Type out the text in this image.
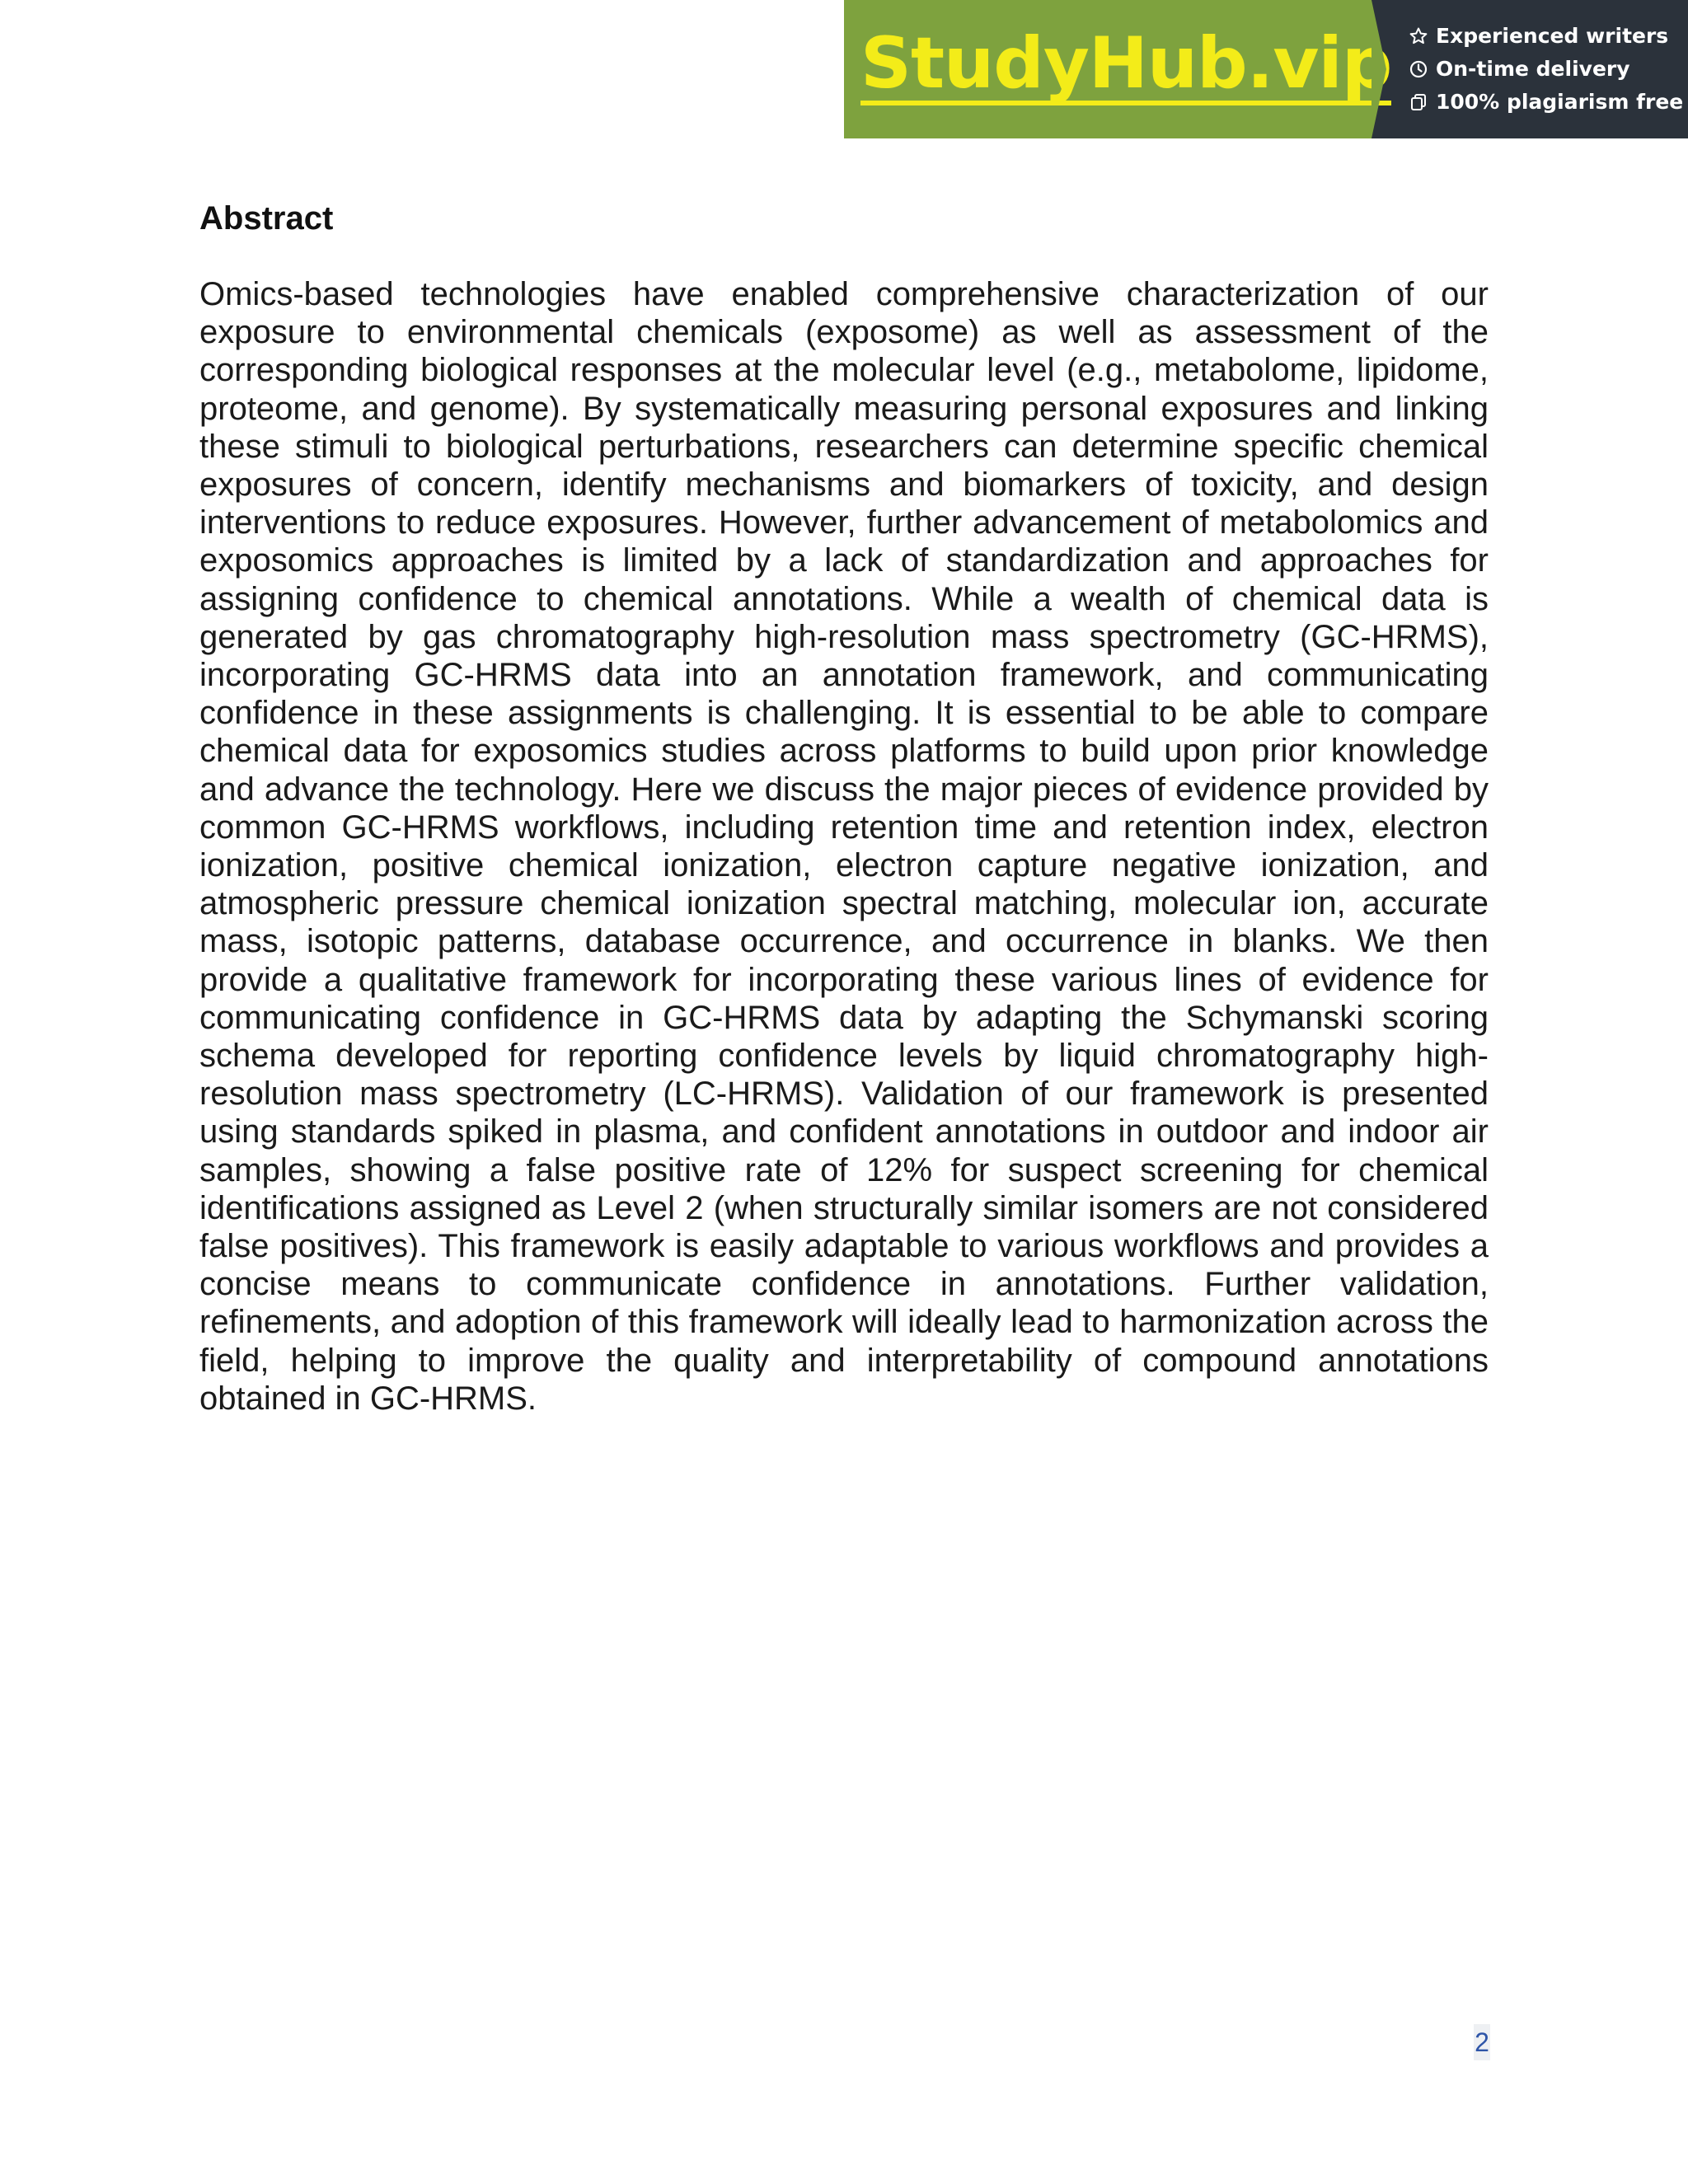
StudyHub.vip Experienced writers
On-time delivery
100% plagiarism free
Abstract

Omics-based technologies have enabled comprehensive characterization of our exposure to environmental chemicals (exposome) as well as assessment of the corresponding biological responses at the molecular level (e.g., metabolome, lipidome, proteome, and genome). By systematically measuring personal exposures and linking these stimuli to biological perturbations, researchers can determine specific chemical exposures of concern, identify mechanisms and biomarkers of toxicity, and design interventions to reduce exposures. However, further advancement of metabolomics and exposomics approaches is limited by a lack of standardization and approaches for assigning confidence to chemical annotations. While a wealth of chemical data is generated by gas chromatography high-resolution mass spectrometry (GC-HRMS), incorporating GC-HRMS data into an annotation framework, and communicating confidence in these assignments is challenging. It is essential to be able to compare chemical data for exposomics studies across platforms to build upon prior knowledge and advance the technology. Here we discuss the major pieces of evidence provided by common GC-HRMS workflows, including retention time and retention index, electron ionization, positive chemical ionization, electron capture negative ionization, and atmospheric pressure chemical ionization spectral matching, molecular ion, accurate mass, isotopic patterns, database occurrence, and occurrence in blanks. We then provide a qualitative framework for incorporating these various lines of evidence for communicating confidence in GC-HRMS data by adapting the Schymanski scoring schema developed for reporting confidence levels by liquid chromatography high-resolution mass spectrometry (LC-HRMS). Validation of our framework is presented using standards spiked in plasma, and confident annotations in outdoor and indoor air samples, showing a false positive rate of 12% for suspect screening for chemical identifications assigned as Level 2 (when structurally similar isomers are not considered false positives). This framework is easily adaptable to various workflows and provides a concise means to communicate confidence in annotations. Further validation, refinements, and adoption of this framework will ideally lead to harmonization across the field, helping to improve the quality and interpretability of compound annotations obtained in GC-HRMS.

2
